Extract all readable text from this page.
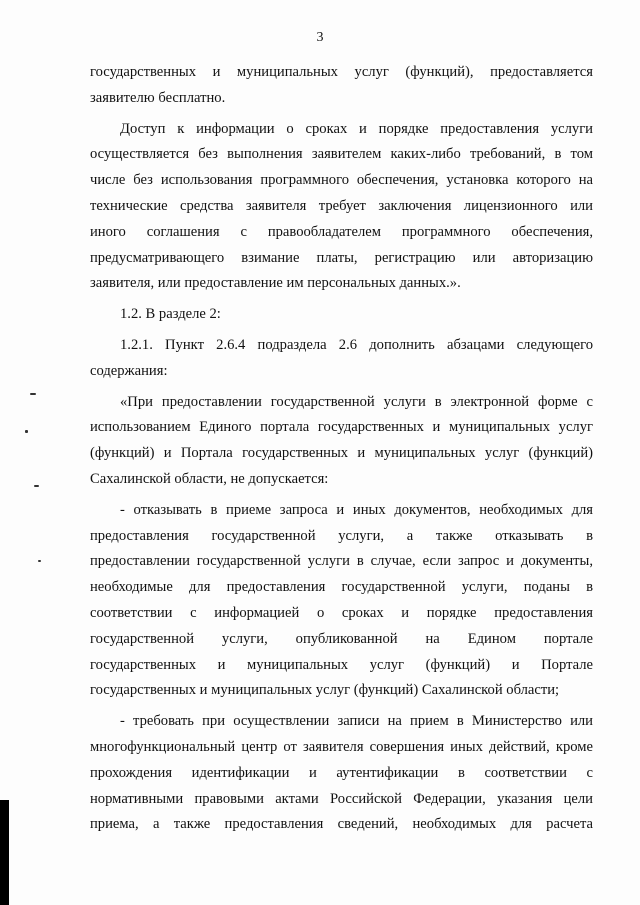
3
государственных и муниципальных услуг (функций), предоставляется
заявителю бесплатно.
Доступ к информации о сроках и порядке предоставления услуги
осуществляется без выполнения заявителем каких-либо требований, в том
числе без использования программного обеспечения, установка которого на
технические средства заявителя требует заключения лицензионного или
иного соглашения с правообладателем программного обеспечения,
предусматривающего взимание платы, регистрацию или авторизацию
заявителя, или предоставление им персональных данных.».
1.2. В разделе 2:
1.2.1. Пункт 2.6.4 подраздела 2.6 дополнить абзацами следующего
содержания:
«При предоставлении государственной услуги в электронной форме с
использованием Единого портала государственных и муниципальных услуг
(функций) и Портала государственных и муниципальных услуг (функций)
Сахалинской области, не допускается:
- отказывать в приеме запроса и иных документов, необходимых для
предоставления государственной услуги, а также отказывать в
предоставлении государственной услуги в случае, если запрос и документы,
необходимые для предоставления государственной услуги, поданы в
соответствии с информацией о сроках и порядке предоставления
государственной услуги, опубликованной на Едином портале
государственных и муниципальных услуг (функций) и Портале
государственных и муниципальных услуг (функций) Сахалинской области;
- требовать при осуществлении записи на прием в Министерство или
многофункциональный центр от заявителя совершения иных действий, кроме
прохождения идентификации и аутентификации в соответствии с
нормативными правовыми актами Российской Федерации, указания цели
приема, а также предоставления сведений, необходимых для расчета
